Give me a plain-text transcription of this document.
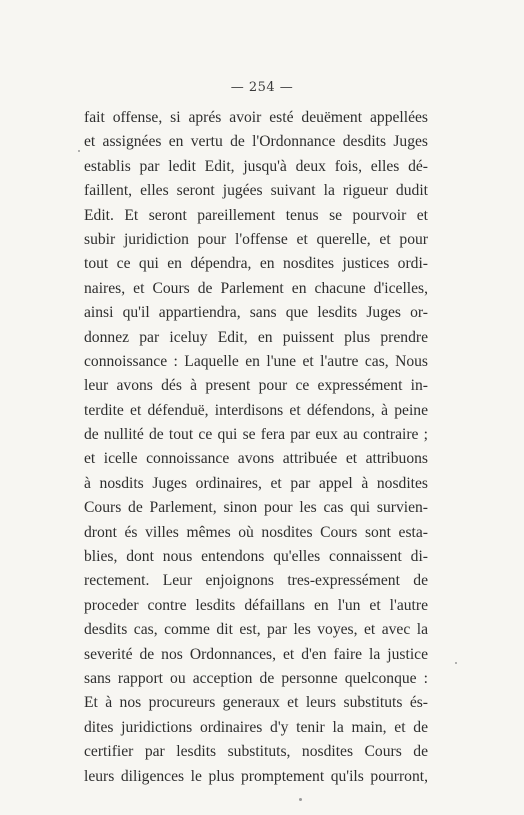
— 254 —
fait offense, si aprés avoir esté deuëment appellées
et assignées en vertu de l'Ordonnance desdits Juges
establis par ledit Edit, jusqu'à deux fois, elles dé-
faillent, elles seront jugées suivant la rigueur dudit
Edit. Et seront pareillement tenus se pourvoir et
subir juridiction pour l'offense et querelle, et pour
tout ce qui en dépendra, en nosdites justices ordi-
naires, et Cours de Parlement en chacune d'icelles,
ainsi qu'il appartiendra, sans que lesdits Juges or-
donnez par iceluy Edit, en puissent plus prendre
connoissance : Laquelle en l'une et l'autre cas, Nous
leur avons dés à present pour ce expressément in-
terdite et défenduë, interdisons et défendons, à peine
de nullité de tout ce qui se fera par eux au contraire ;
et icelle connoissance avons attribuée et attribuons
à nosdits Juges ordinaires, et par appel à nosdites
Cours de Parlement, sinon pour les cas qui survien-
dront és villes mêmes où nosdites Cours sont esta-
blies, dont nous entendons qu'elles connaissent di-
rectement. Leur enjoignons tres-expressément de
proceder contre lesdits défaillans en l'un et l'autre
desdits cas, comme dit est, par les voyes, et avec la
severité de nos Ordonnances, et d'en faire la justice
sans rapport ou acception de personne quelconque :
Et à nos procureurs generaux et leurs substituts és-
dites juridictions ordinaires d'y tenir la main, et de
certifier par lesdits substituts, nosdites Cours de
leurs diligences le plus promptement qu'ils pourront,
